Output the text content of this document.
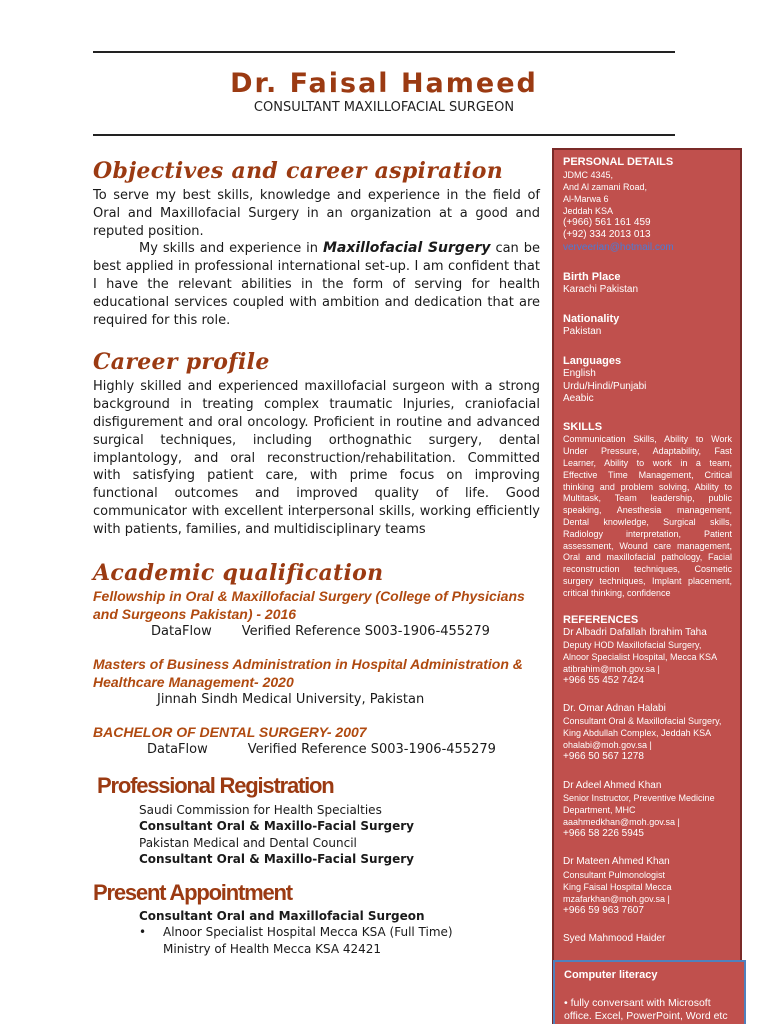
Dr. Faisal Hameed
CONSULTANT MAXILLOFACIAL SURGEON
Objectives and career aspiration

To serve my best skills, knowledge and experience in the field of Oral and Maxillofacial Surgery in an organization at a good and reputed position.

My skills and experience in Maxillofacial Surgery can be best applied in professional international set-up. I am confident that I have the relevant abilities in the form of serving for health educational services coupled with ambition and dedication that are required for this role.

Career profile

Highly skilled and experienced maxillofacial surgeon with a strong background in treating complex traumatic Injuries, craniofacial disfigurement and oral oncology. Proficient in routine and advanced surgical techniques, including orthognathic surgery, dental implantology, and oral reconstruction/rehabilitation. Committed with satisfying patient care, with prime focus on improving functional outcomes and improved quality of life. Good communicator with excellent interpersonal skills, working efficiently with patients, families, and multidisciplinary teams

Academic qualification

Fellowship in Oral & Maxillofacial Surgery (College of Physicians and Surgeons Pakistan) - 2016

DataFlow Verified Reference S003-1906-455279

Masters of Business Administration in Hospital Administration & Healthcare Management- 2020

Jinnah Sindh Medical University, Pakistan

BACHELOR OF DENTAL SURGERY- 2007

DataFlow	Verified Reference S003-1906-455279

Professional Registration

Saudi Commission for Health Specialties

Consultant Oral & Maxillo-Facial Surgery

Pakistan Medical and Dental Council

Consultant Oral & Maxillo-Facial Surgery

Present Appointment

Consultant Oral and Maxillofacial Surgeon

• Alnoor Specialist Hospital Mecca KSA (Full Time)

Ministry of Health Mecca KSA 42421

PERSONAL DETAILS

JDMC 4345,

And Al zamani Road,

Al-Marwa 6

Jeddah KSA

(+966) 561 161 459

(+92) 334 2013 013

verveerian@hotmail.com

Birth Place

Karachi Pakistan

Nationality

Pakistan

Languages

English

Urdu/Hindi/Punjabi

Aeabic

SKILLS

Communication Skills, Ability to Work Under Pressure, Adaptability, Fast Learner, Ability to work in a team, Effective Time Management, Critical thinking and problem solving, Ability to Multitask, Team leadership, public speaking, Anesthesia management, Dental knowledge, Surgical skills, Radiology interpretation, Patient assessment, Wound care management, Oral and maxillofacial pathology, Facial reconstruction techniques, Cosmetic surgery techniques, Implant placement, critical thinking, confidence

REFERENCES

Dr Albadri Dafallah Ibrahim Taha

Deputy HOD Maxillofacial Surgery,

Alnoor Specialist Hospital, Mecca KSA

atibrahim@moh.gov.sa |

+966 55 452 7424

Dr. Omar Adnan Halabi

Consultant Oral & Maxillofacial Surgery,

King Abdullah Complex, Jeddah KSA

ohalabi@moh.gov.sa |

+966 50 567 1278

Dr Adeel Ahmed Khan

Senior Instructor, Preventive Medicine

Department, MHC

aaahmedkhan@moh.gov.sa |

+966 58 226 5945

Dr Mateen Ahmed Khan

Consultant Pulmonologist

King Faisal Hospital Mecca

mzafarkhan@moh.gov.sa |

+966 59 963 7607

Syed Mahmood Haider

Computer literacy

• fully conversant with Microsoft office. Excel, PowerPoint, Word etc
